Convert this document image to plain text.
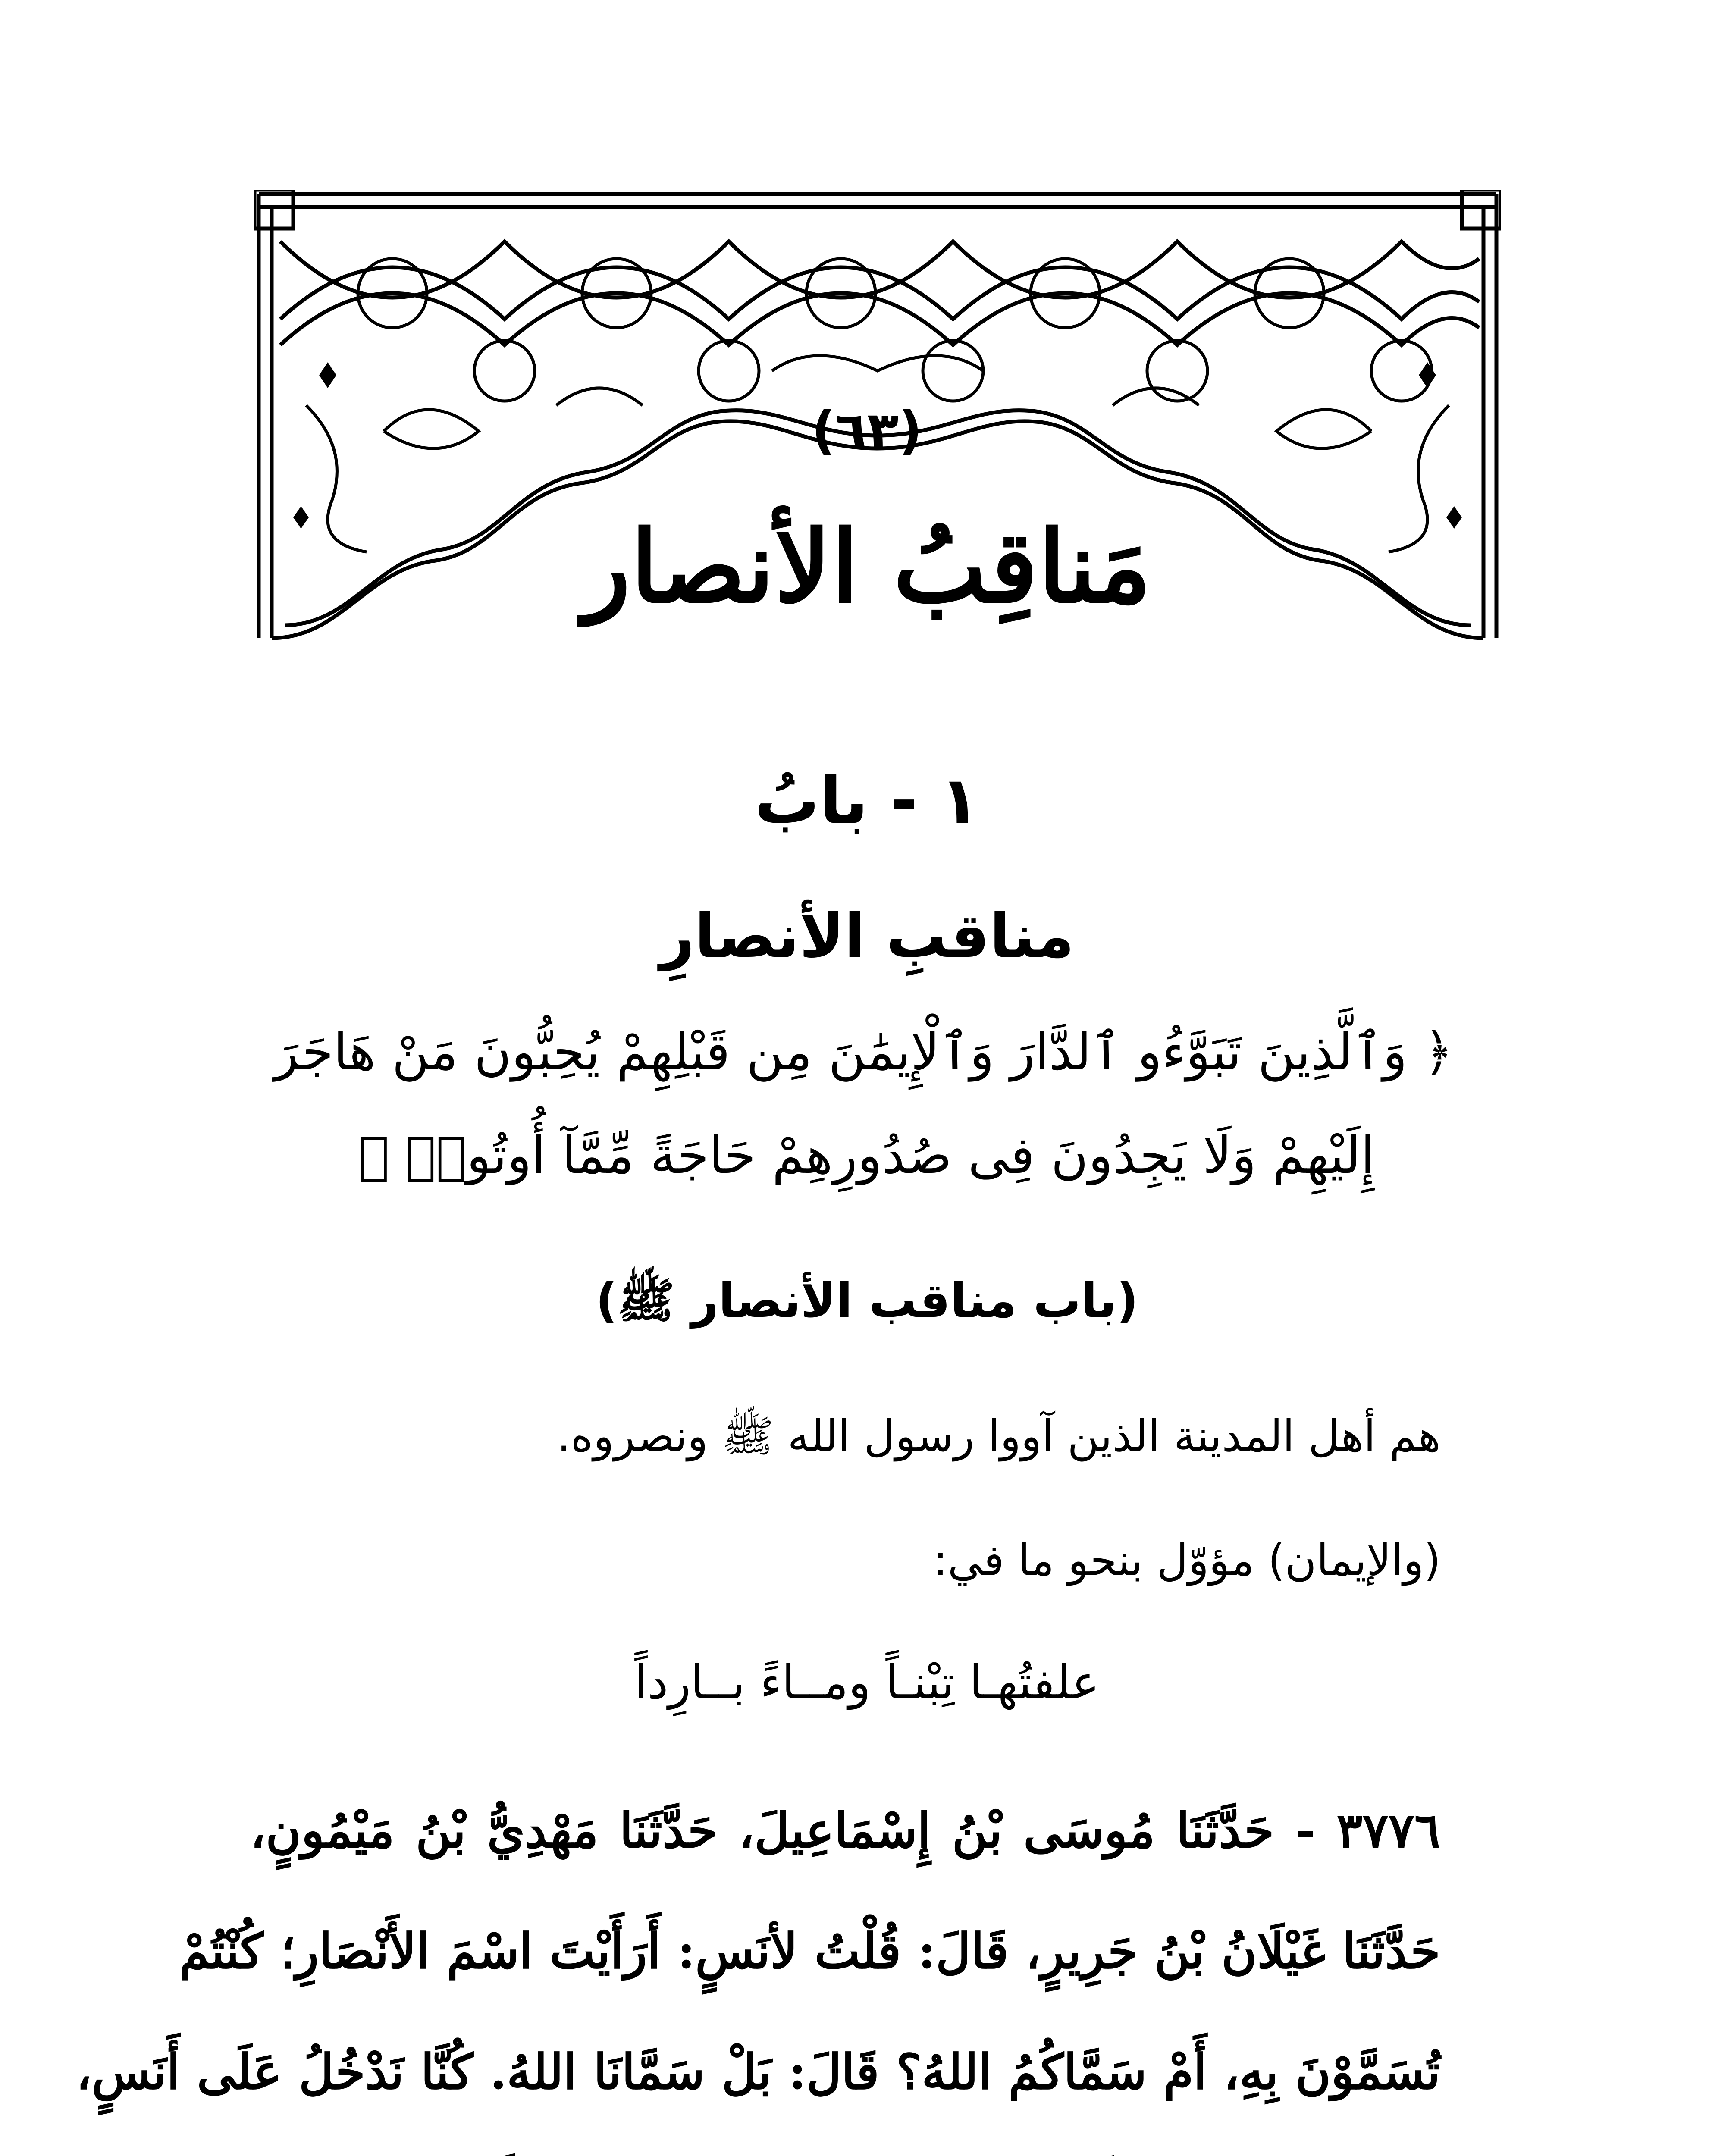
(٦٣)
مَناقِبُ الأنصار
١ - بابُ
مناقبِ الأنصارِ
﴿ وَٱلَّذِينَ تَبَوَّءُو ٱلدَّارَ وَٱلْإِيمَٰنَ مِن قَبْلِهِمْ يُحِبُّونَ مَنْ هَاجَرَ
إِلَيْهِمْ وَلَا يَجِدُونَ فِى صُدُورِهِمْ حَاجَةً مِّمَّآ أُوتُوا۟ ﴾
(باب مناقب الأنصار ﷺ)
هم أهل المدينة الذين آووا رسول الله ﷺ ونصروه.
(والإيمان) مؤوّل بنحو ما في:
علفتُهـا تِبْنـاً ومــاءً بــارِداً
٣٧٧٦ - حَدَّثَنَا مُوسَى بْنُ إِسْمَاعِيلَ، حَدَّثَنَا مَهْدِيُّ بْنُ مَيْمُونٍ،
حَدَّثَنَا غَيْلَانُ بْنُ جَرِيرٍ، قَالَ: قُلْتُ لأنَسٍ: أَرَأَيْتَ اسْمَ الأَنْصَارِ؛ كُنْتُمْ
تُسَمَّوْنَ بِهِ، أَمْ سَمَّاكُمُ اللهُ؟ قَالَ: بَلْ سَمَّانَا اللهُ. كُنَّا نَدْخُلُ عَلَى أَنَسٍ،
